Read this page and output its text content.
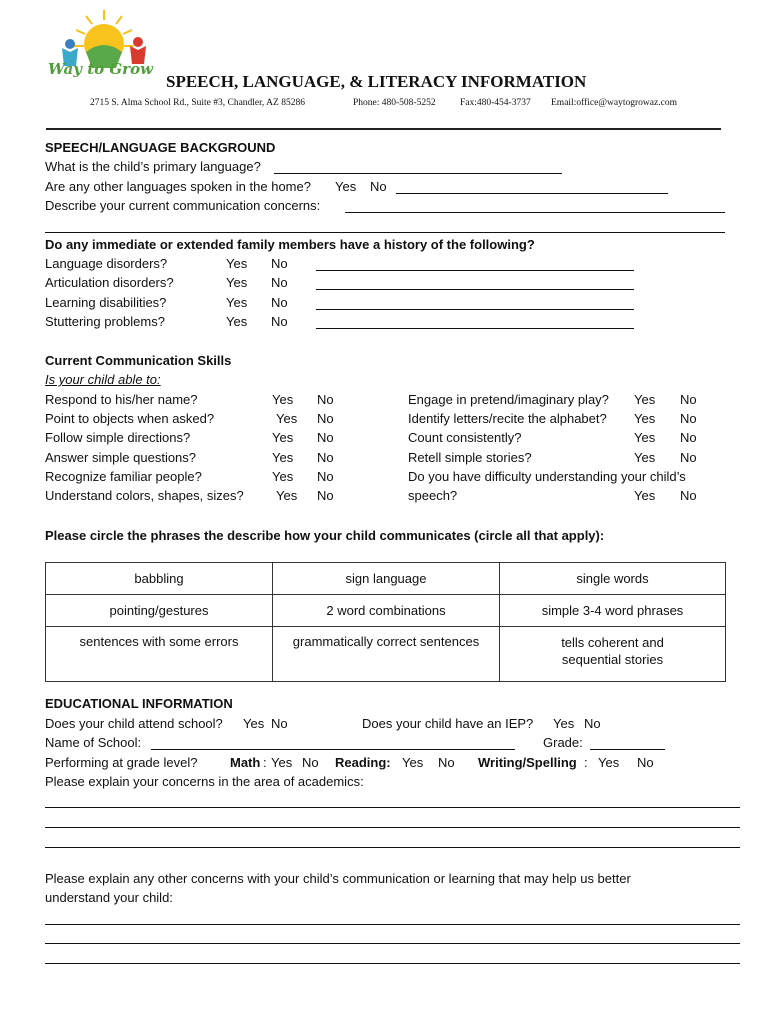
Way to Grow
SPEECH, LANGUAGE, & LITERACY INFORMATION
2715 S. Alma School Rd., Suite #3, Chandler, AZ 85286	Phone: 480-508-5252	Fax:480-454-3737 Email:office@waytogrowaz.com
SPEECH/LANGUAGE BACKGROUND
What is the child’s primary language?
Are any other languages spoken in the home? Yes No
Describe your current communication concerns:
Do any immediate or extended family members have a history of the following?
Language disorders?	Yes No
Articulation disorders?	Yes No
Learning disabilities?	Yes No
Stuttering problems?	Yes No
Current Communication Skills
Is your child able to:
Respond to his/her name?	Yes No
Point to objects when asked?	Yes No
Follow simple directions?	Yes No
Answer simple questions?	Yes No
Recognize familiar people?	Yes No
Understand colors, shapes, sizes? Yes No
Engage in pretend/imaginary play? Yes No
Identify letters/recite the alphabet? Yes No
Count consistently?	Yes No
Retell simple stories?	Yes No
Do you have difficulty understanding your child’s
speech?	Yes No
Please circle the phrases the describe how your child communicates (circle all that apply):
babbling	sign language	single words
pointing/gestures	2 word combinations	simple 3-4 word phrases
sentences with some errors	grammatically correct sentences	tells coherent and sequential stories
EDUCATIONAL INFORMATION
Does your child attend school? Yes No	Does your child have an IEP? Yes No
Name of School:	Grade:
Performing at grade level?	Math : Yes No Reading: Yes No Writing/Spelling : Yes No
Please explain your concerns in the area of academics:
Please explain any other concerns with your child’s communication or learning that may help us better
understand your child:
